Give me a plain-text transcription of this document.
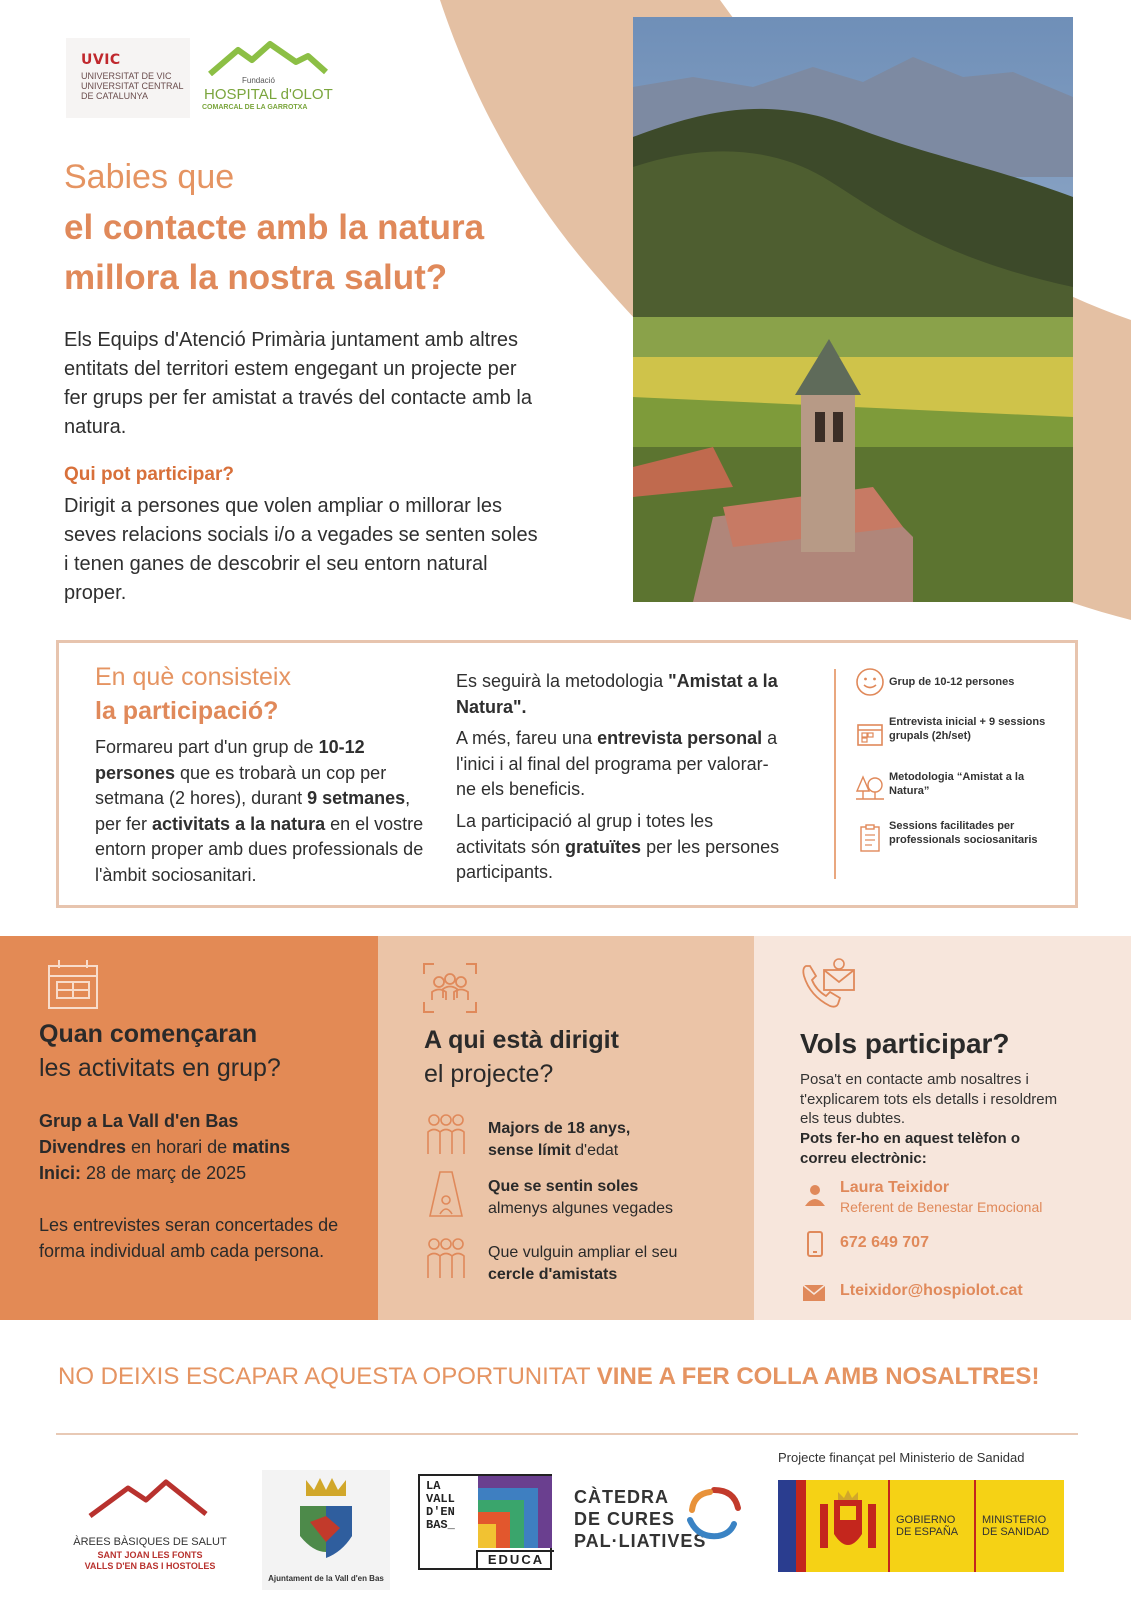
UVIC
UNIVERSITAT DE VIC
UNIVERSITAT CENTRAL
DE CATALUNYA
Fundació
HOSPITAL d'OLOT
COMARCAL DE LA GARROTXA
Sabies que
el contacte amb la natura
millora la nostra salut?
Els Equips d'Atenció Primària juntament amb altres entitats del territori estem engegant un projecte per fer grups per fer amistat a través del contacte amb la natura.
Qui pot participar?
Dirigit a persones que volen ampliar o millorar les seves relacions socials i/o a vegades se senten soles i tenen ganes de descobrir el seu entorn natural proper.
En què consisteix
la participació?
Formareu part d'un grup de 10-12 persones que es trobarà un cop per setmana (2 hores), durant 9 setmanes, per fer activitats a la natura en el vostre entorn proper amb dues professionals de l'àmbit sociosanitari.
Es seguirà la metodologia "Amistat a la Natura".
A més, fareu una entrevista personal a l'inici i al final del programa per valorar-ne els beneficis.
La participació al grup i totes les activitats són gratuïtes per les persones participants.
Grup de 10-12 persones
Entrevista inicial + 9 sessions grupals (2h/set)
Metodologia “Amistat a la Natura”
Sessions facilitades per professionals sociosanitaris
Quan començaran
les activitats en grup?
Grup a La Vall d'en Bas
Divendres en horari de matins
Inici: 28 de març de 2025
Les entrevistes seran concertades de forma individual amb cada persona.
A qui està dirigit
el projecte?
Majors de 18 anys,
sense límit d'edat
Que se sentin soles
almenys algunes vegades
Que vulguin ampliar el seu cercle d'amistats
Vols participar?
Posa't en contacte amb nosaltres i t'explicarem tots els detalls i resoldrem els teus dubtes.
Pots fer-ho en aquest telèfon o correu electrònic:
Laura Teixidor
Referent de Benestar Emocional
672 649 707
Lteixidor@hospiolot.cat
NO DEIXIS ESCAPAR AQUESTA OPORTUNITAT VINE A FER COLLA AMB NOSALTRES!
ÀREES BÀSIQUES DE SALUT
SANT JOAN LES FONTS
VALLS D'EN BAS I HOSTOLES
Ajuntament de la Vall d'en Bas
LA
VALL
D'EN
BAS_
EDUCA
CÀTEDRA
DE CURES
PAL·LIATIVES
Projecte finançat pel Ministerio de Sanidad
GOBIERNO
DE ESPAÑA
MINISTERIO
DE SANIDAD
